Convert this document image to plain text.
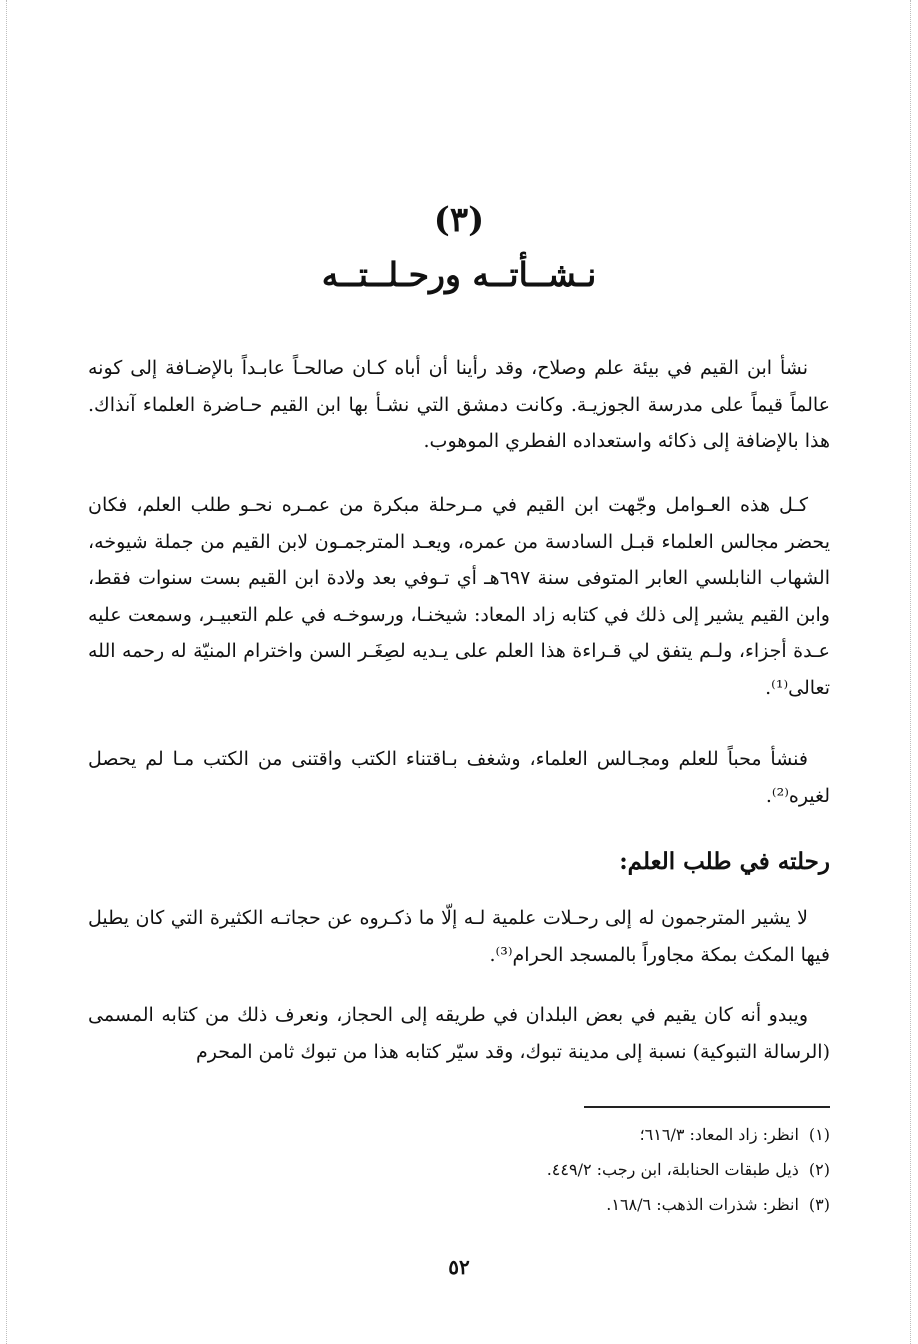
(٣)
نـشــأتــه ورحـلــتــه

نشأ ابن القيم في بيئة علم وصلاح، وقد رأينا أن أباه كـان صالحـاً عابـداً بالإضـافة إلى كونه عالماً قيماً على مدرسة الجوزيـة. وكانت دمشق التي نشـأ بها ابن القيم حـاضرة العلماء آنذاك. هذا بالإضافة إلى ذكائه واستعداده الفطري الموهوب.

كـل هذه العـوامل وجّهت ابن القيم في مـرحلة مبكرة من عمـره نحـو طلب العلم، فكان يحضر مجالس العلماء قبـل السادسة من عمره، ويعـد المترجمـون لابن القيم من جملة شيوخه، الشهاب النابلسي العابر المتوفى سنة ٦٩٧هـ أي تـوفي بعد ولادة ابن القيم بست سنوات فقط، وابن القيم يشير إلى ذلك في كتابه زاد المعاد: شيخنـا، ورسوخـه في علم التعبيـر، وسمعت عليه عـدة أجزاء، ولـم يتفق لي قـراءة هذا العلم على يـديه لصِغَـر السن واخترام المنيّة له رحمه الله تعالى⁽¹⁾.

فنشأ محباً للعلم ومجـالس العلماء، وشغف بـاقتناء الكتب واقتنى من الكتب مـا لم يحصل لغيره⁽²⁾.

رحلته في طلب العلم:

لا يشير المترجمون له إلى رحـلات علمية لـه إلّا ما ذكـروه عن حجاتـه الكثيرة التي كان يطيل فيها المكث بمكة مجاوراً بالمسجد الحرام⁽³⁾.

ويبدو أنه كان يقيم في بعض البلدان في طريقه إلى الحجاز، ونعرف ذلك من كتابه المسمى (الرسالة التبوكية) نسبة إلى مدينة تبوك، وقد سيّر كتابه هذا من تبوك ثامن المحرم

(١)انظر: زاد المعاد: ٦١٦/٣؛
(٢)ذيل طبقات الحنابلة، ابن رجب: ٤٤٩/٢.
(٣)انظر: شذرات الذهب: ١٦٨/٦.
٥٢
